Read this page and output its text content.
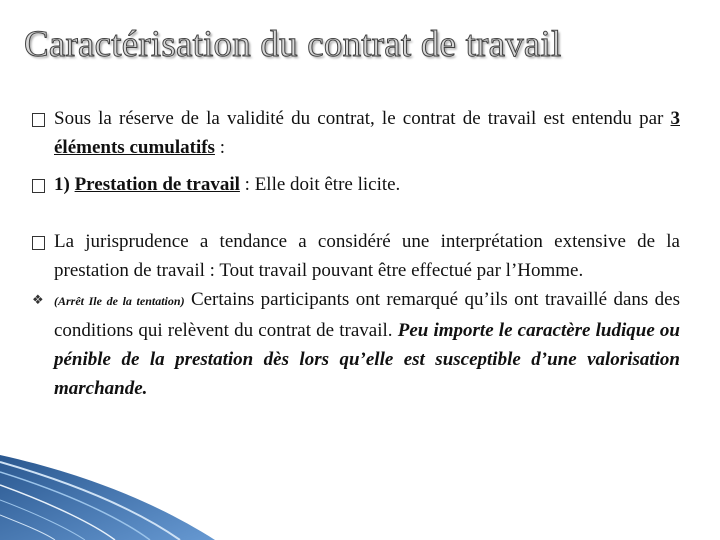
Caractérisation du contrat de travail
Sous la réserve de la validité du contrat, le contrat de travail est entendu par 3 éléments cumulatifs :
1) Prestation de travail : Elle doit être licite.
La jurisprudence a tendance a considéré une interprétation extensive de la prestation de travail : Tout travail pouvant être effectué par l’Homme.
❖ (Arrêt Ile de la tentation) Certains participants ont remarqué qu’ils ont travaillé dans des conditions qui relèvent du contrat de travail. Peu importe le caractère ludique ou pénible de la prestation dès lors qu’elle est susceptible d’une valorisation marchande.
